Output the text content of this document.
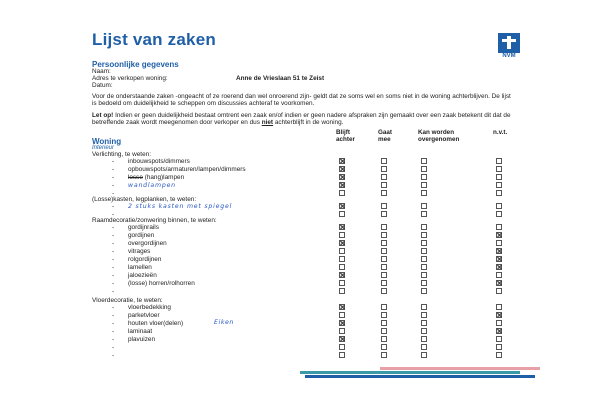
Lijst van zaken
NVM
Persoonlijke gegevens
Naam:
Adres te verkopen woning:	Anne de Vrieslaan 51 te Zeist
Datum:
Voor de onderstaande zaken -ongeacht of ze roerend dan wel onroerend zijn- geldt dat ze soms wel en soms niet in de woning achterblijven. De lijst is bedoeld om duidelijkheid te scheppen om discussies achteraf te voorkomen.
Let op! Indien er geen duidelijkheid bestaat omtrent een zaak en/of indien er geen nadere afspraken zijn gemaakt over een zaak betekent dit dat de betreffende zaak wordt meegenomen door verkoper en dus niet achterblijft in de woning.
Blijft
achter
Gaat
mee
Kan worden
overgenomen
n.v.t.
Woning
Interieur
Verlichting, te weten:
- inbouwspots/dimmers
- opbouwspots/armaturen/lampen/dimmers
- losse (hang)lampen
- wandlampen
-
(Losse)kasten, legplanken, te weten:
- 2 stuks kasten met spiegel
-
Raamdecoratie/zonwering binnen, te weten:
- gordijnrails
- gordijnen
- overgordijnen
- vitrages
- rolgordijnen
- lamellen
- jaloezieën
- (losse) horren/rolhorren
-
Vloerdecoratie, te weten:
- vloerbedekking
- parketvloer
- houten vloer(delen)	Eiken
- laminaat
- plavuizen
-
-
